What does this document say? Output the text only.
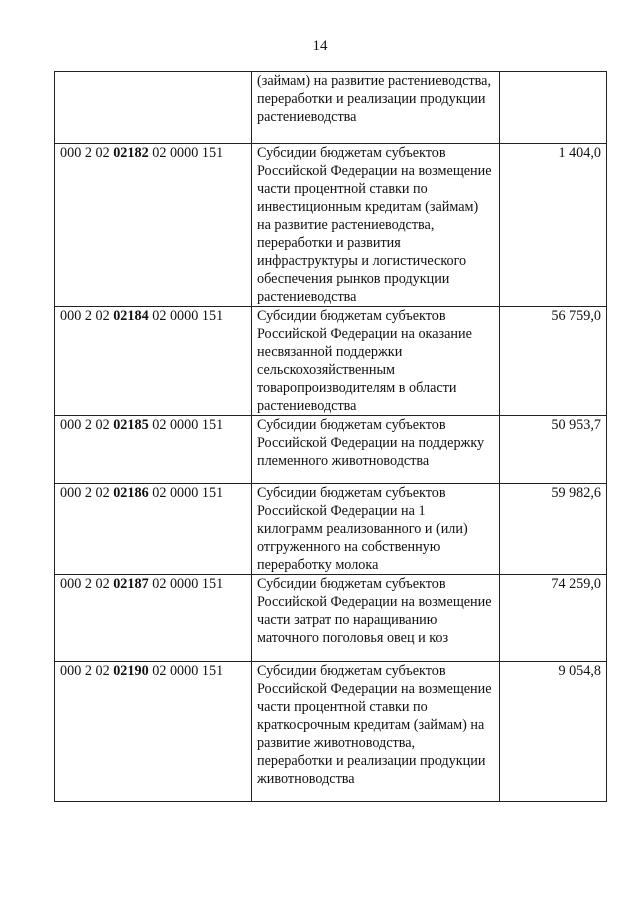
14
	(займам) на развитие растениеводства, переработки и реализации продукции растениеводства	
000 2 02 02182 02 0000 151	Субсидии бюджетам субъектов Российской Федерации на возмещение части процентной ставки по инвестиционным кредитам (займам) на развитие растениеводства, переработки и развития инфраструктуры и логистического обеспечения рынков продукции растениеводства	1 404,0
000 2 02 02184 02 0000 151	Субсидии бюджетам субъектов Российской Федерации на оказание несвязанной поддержки сельскохозяйственным товаропроизводителям в области растениеводства	56 759,0
000 2 02 02185 02 0000 151	Субсидии бюджетам субъектов Российской Федерации на поддержку племенного животноводства	50 953,7
000 2 02 02186 02 0000 151	Субсидии бюджетам субъектов Российской Федерации на 1 килограмм реализованного и (или) отгруженного на собственную переработку молока	59 982,6
000 2 02 02187 02 0000 151	Субсидии бюджетам субъектов Российской Федерации на возмещение части затрат по наращиванию маточного поголовья овец и коз	74 259,0
000 2 02 02190 02 0000 151	Субсидии бюджетам субъектов Российской Федерации на возмещение части процентной ставки по краткосрочным кредитам (займам) на развитие животноводства, переработки и реализации продукции животноводства	9 054,8
